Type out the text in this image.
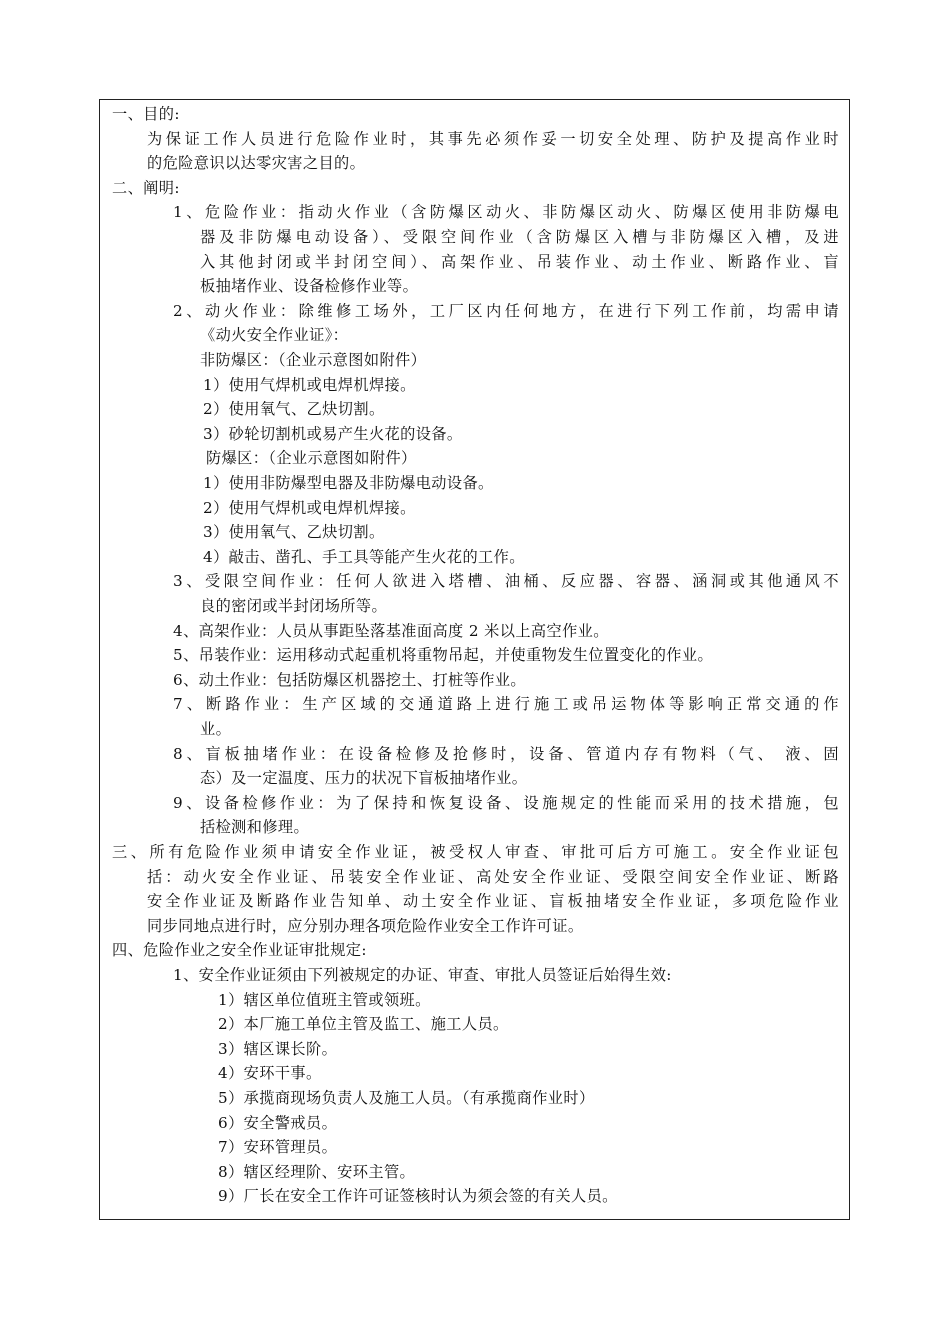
一、目的:

为保证工作人员进行危险作业时，其事先必须作妥一切安全处理、防护及提高作业时

的危险意识以达零灾害之目的。

二、阐明:

1、危险作业：指动火作业（含防爆区动火、非防爆区动火、防爆区使用非防爆电

器及非防爆电动设备）、受限空间作业（含防爆区入槽与非防爆区入槽，及进

入其他封闭或半封闭空间）、高架作业、吊装作业、动土作业、断路作业、盲

板抽堵作业、设备检修作业等。

2、动火作业：除维修工场外，工厂区内任何地方，在进行下列工作前，均需申请

《动火安全作业证》：

非防爆区：（企业示意图如附件）

1）使用气焊机或电焊机焊接。

2）使用氧气、乙炔切割。

3）砂轮切割机或易产生火花的设备。

防爆区：（企业示意图如附件）

1）使用非防爆型电器及非防爆电动设备。

2）使用气焊机或电焊机焊接。

3）使用氧气、乙炔切割。

4）敲击、凿孔、手工具等能产生火花的工作。

3、受限空间作业：任何人欲进入塔槽、油桶、反应器、容器、涵洞或其他通风不

良的密闭或半封闭场所等。

4、高架作业：人员从事距坠落基准面高度 2 米以上高空作业。

5、吊装作业：运用移动式起重机将重物吊起，并使重物发生位置变化的作业。

6、动土作业：包括防爆区机器挖土、打桩等作业。

7、断路作业：生产区域的交通道路上进行施工或吊运物体等影响正常交通的作

业。

8、盲板抽堵作业：在设备检修及抢修时，设备、管道内存有物料（气、 液、固

态）及一定温度、压力的状况下盲板抽堵作业。

9、设备检修作业：为了保持和恢复设备、设施规定的性能而采用的技术措施，包

括检测和修理。

三、所有危险作业须申请安全作业证，被受权人审查、审批可后方可施工。安全作业证包

括：动火安全作业证、吊装安全作业证、高处安全作业证、受限空间安全作业证、断路

安全作业证及断路作业告知单、动土安全作业证、盲板抽堵安全作业证，多项危险作业

同步同地点进行时，应分别办理各项危险作业安全工作许可证。

四、危险作业之安全作业证审批规定:

1、安全作业证须由下列被规定的办证、审查、审批人员签证后始得生效:

1）辖区单位值班主管或领班。

2）本厂施工单位主管及监工、施工人员。

3）辖区课长阶。

4）安环干事。

5）承揽商现场负责人及施工人员。（有承揽商作业时）

6）安全警戒员。

7）安环管理员。

8）辖区经理阶、安环主管。

9）厂长在安全工作许可证签核时认为须会签的有关人员。
